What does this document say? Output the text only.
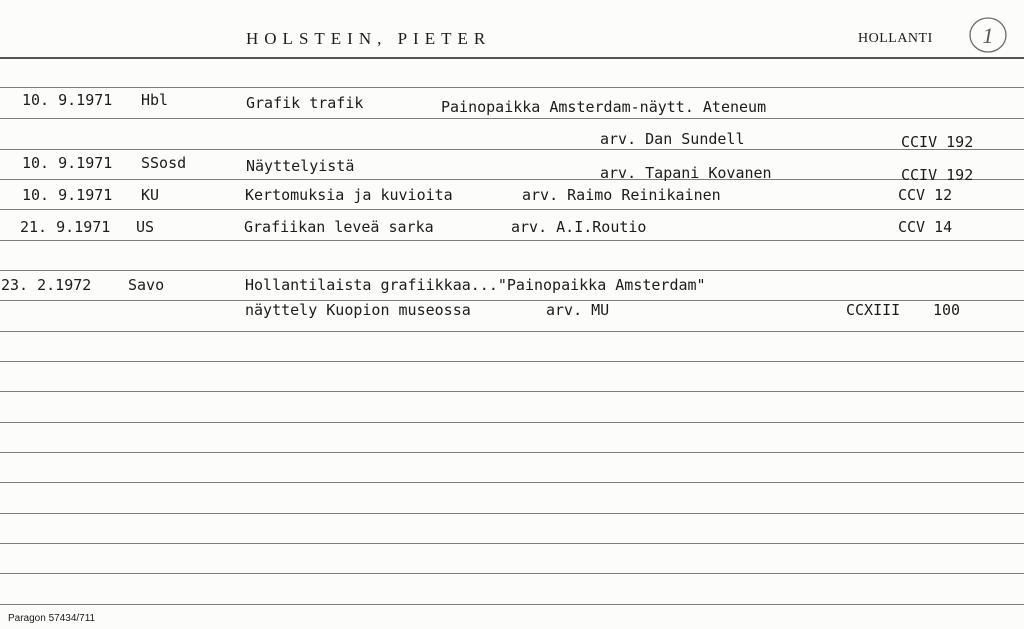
HOLSTEIN, PIETER	HOLLANTI 1
10. 9.1971 Hbl	Grafik trafik	Painopaikka Amsterdam-näytt. Ateneum
arv. Dan Sundell	CCIV 192
10. 9.1971 SSosd	Näyttelyistä	arv. Tapani Kovanen	CCIV 192
10. 9.1971 KU	Kertomuksia ja kuvioita	arv. Raimo Reinikainen	CCV 12
21. 9.1971 US	Grafiikan leveä sarka	arv. A.I.Routio	CCV 14
23. 2.1972 Savo	Hollantilaista grafiikkaa..."Painopaikka Amsterdam"
näyttely Kuopion museossa	arv. MU	CCXIII 100
Paragon 57434/711
